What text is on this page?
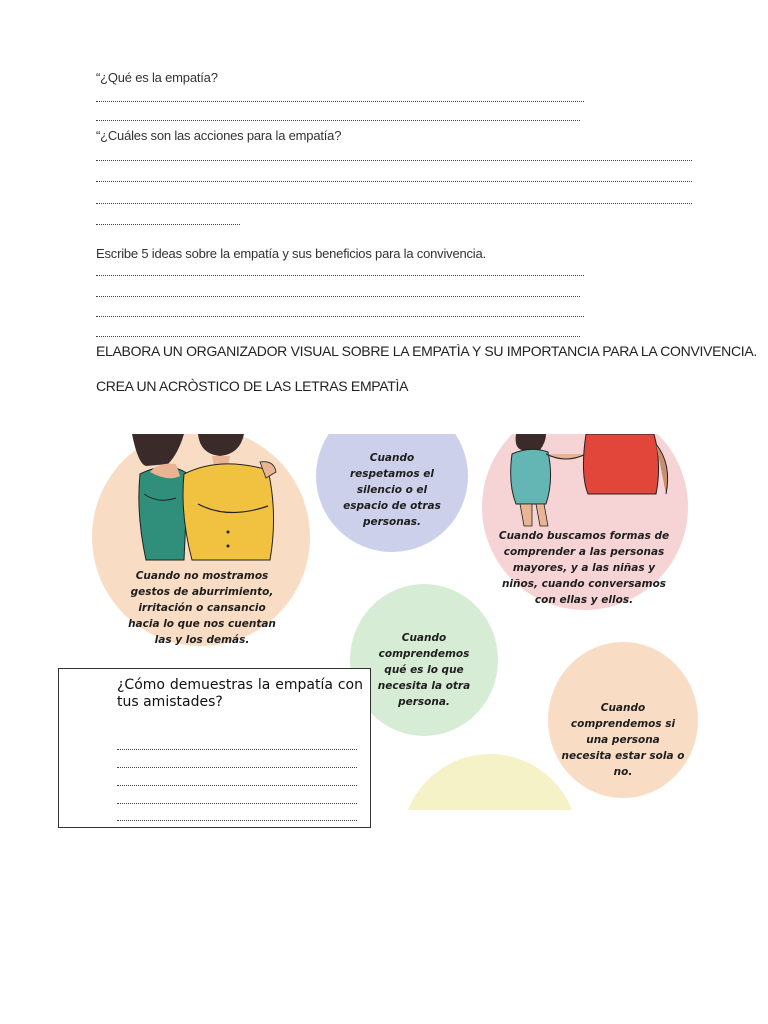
“¿Qué es la empatía?
“¿Cuáles son las acciones para la empatía?
Escribe 5 ideas sobre la empatía y sus beneficios para la convivencia.
ELABORA UN ORGANIZADOR VISUAL SOBRE LA EMPATÌA Y SU IMPORTANCIA PARA LA CONVIVENCIA.
CREA UN ACRÒSTICO DE LAS LETRAS EMPATÌA
Cuando no mostramos gestos de aburrimiento, irritación o cansancio hacia lo que nos cuentan las y los demás.
Cuando respetamos el silencio o el espacio de otras personas.
Cuando buscamos formas de comprender a las personas mayores, y a las niñas y niños, cuando conversamos con ellas y ellos.
Cuando comprendemos qué es lo que necesita la otra persona.	Cuando comprendemos si una persona necesita estar sola o no.
¿Cómo demuestras la empatía con tus amistades?
